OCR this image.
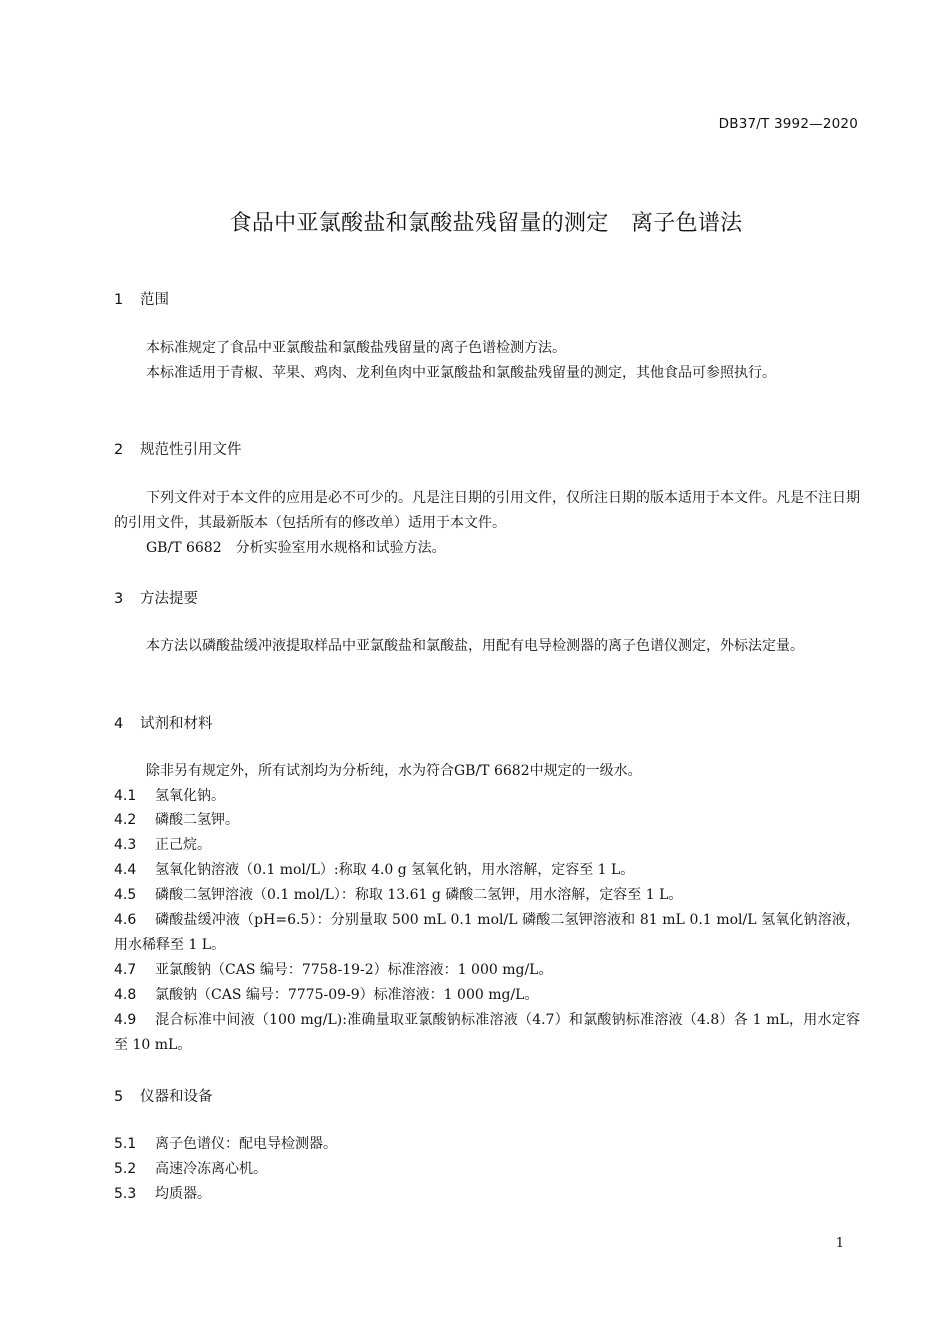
DB37/T 3992—2020
食品中亚氯酸盐和氯酸盐残留量的测定　离子色谱法
1 范围

本标准规定了食品中亚氯酸盐和氯酸盐残留量的离子色谱检测方法。

本标准适用于青椒、苹果、鸡肉、龙利鱼肉中亚氯酸盐和氯酸盐残留量的测定，其他食品可参照执行。

2 规范性引用文件

下列文件对于本文件的应用是必不可少的。凡是注日期的引用文件，仅所注日期的版本适用于本文件。凡是不注日期的引用文件，其最新版本（包括所有的修改单）适用于本文件。

GB/T 6682　分析实验室用水规格和试验方法。

3 方法提要

本方法以磷酸盐缓冲液提取样品中亚氯酸盐和氯酸盐，用配有电导检测器的离子色谱仪测定，外标法定量。

4 试剂和材料

除非另有规定外，所有试剂均为分析纯，水为符合GB/T 6682中规定的一级水。

4.1 氢氧化钠。
4.2 磷酸二氢钾。
4.3 正己烷。
4.4 氢氧化钠溶液（0.1 mol/L）:称取 4.0 g 氢氧化钠，用水溶解，定容至 1 L。
4.5 磷酸二氢钾溶液（0.1 mol/L）：称取 13.61 g 磷酸二氢钾，用水溶解，定容至 1 L。
4.6 磷酸盐缓冲液（pH=6.5）：分别量取 500 mL 0.1 mol/L 磷酸二氢钾溶液和 81 mL 0.1 mol/L 氢氧化钠溶液，用水稀释至 1 L。
4.7 亚氯酸钠（CAS 编号：7758-19-2）标准溶液：1 000 mg/L。
4.8 氯酸钠（CAS 编号：7775-09-9）标准溶液：1 000 mg/L。
4.9 混合标准中间液（100 mg/L):准确量取亚氯酸钠标准溶液（4.7）和氯酸钠标准溶液（4.8）各 1 mL，用水定容至 10 mL。
5 仪器和设备
5.1 离子色谱仪：配电导检测器。
5.2 高速冷冻离心机。
5.3 均质器。
1
